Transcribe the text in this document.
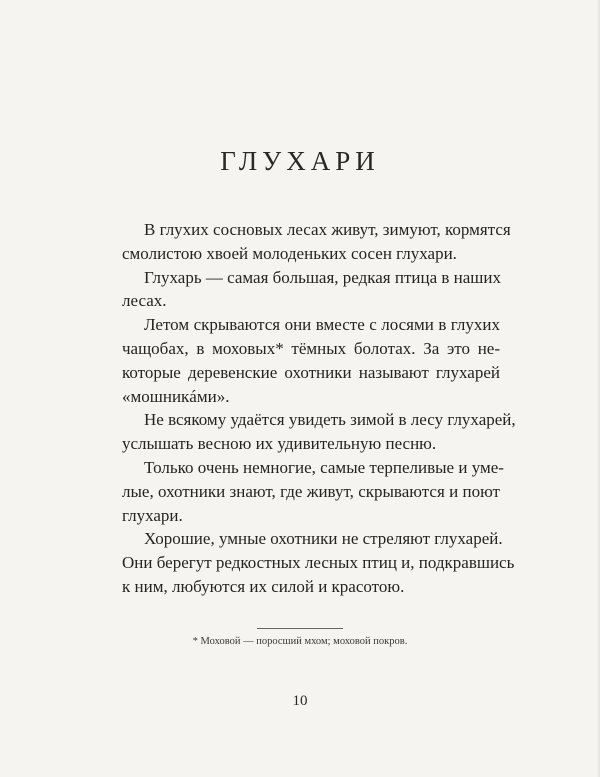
ГЛУХАРИ
В глухих сосновых лесах живут, зимуют, кормятся
смолистою хвоей молоденьких сосен глухари.
Глухарь — самая большая, редкая птица в наших
лесах.
Летом скрываются они вместе с лосями в глухих
чащобах, в моховых* тёмных болотах. За это не-
которые деревенские охотники называют глухарей
«мошникáми».
Не всякому удаётся увидеть зимой в лесу глухарей,
услышать весною их удивительную песню.
Только очень немногие, самые терпеливые и уме-
лые, охотники знают, где живут, скрываются и поют
глухари.
Хорошие, умные охотники не стреляют глухарей.
Они берегут редкостных лесных птиц и, подкравшись
к ним, любуются их силой и красотою.
* Моховой — поросший мхом; моховой покров.
10
